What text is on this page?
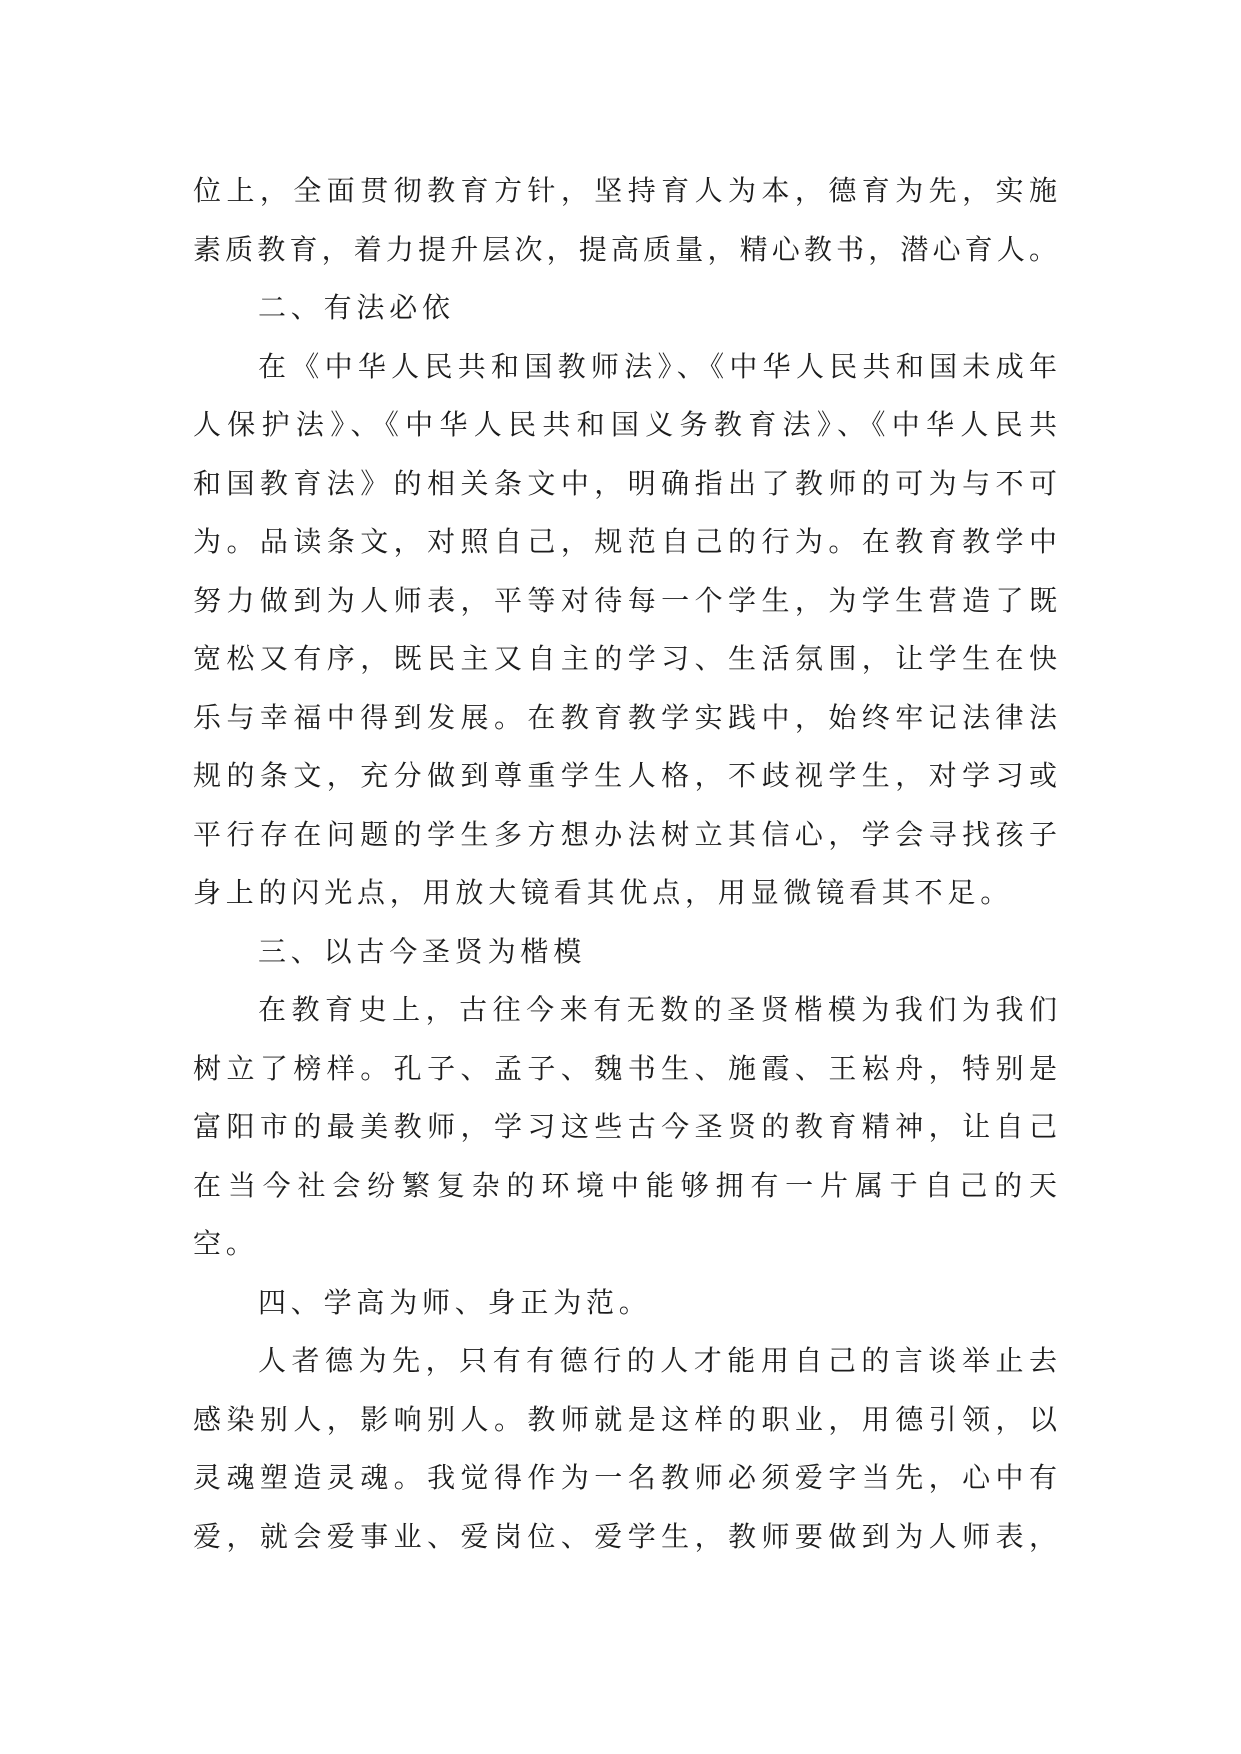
位上，全面贯彻教育方针，坚持育人为本，德育为先，实施
素质教育，着力提升层次，提高质量，精心教书，潜心育人。
二、有法必依
在《中华人民共和国教师法》、《中华人民共和国未成年
人保护法》、《中华人民共和国义务教育法》、《中华人民共
和国教育法》的相关条文中，明确指出了教师的可为与不可
为。品读条文，对照自己，规范自己的行为。在教育教学中
努力做到为人师表，平等对待每一个学生，为学生营造了既
宽松又有序，既民主又自主的学习、生活氛围，让学生在快
乐与幸福中得到发展。在教育教学实践中，始终牢记法律法
规的条文，充分做到尊重学生人格，不歧视学生，对学习或
平行存在问题的学生多方想办法树立其信心，学会寻找孩子
身上的闪光点，用放大镜看其优点，用显微镜看其不足。
三、以古今圣贤为楷模
在教育史上，古往今来有无数的圣贤楷模为我们为我们
树立了榜样。孔子、孟子、魏书生、施霞、王崧舟，特别是
富阳市的最美教师，学习这些古今圣贤的教育精神，让自己
在当今社会纷繁复杂的环境中能够拥有一片属于自己的天
空。
四、学高为师、身正为范。
人者德为先，只有有德行的人才能用自己的言谈举止去
感染别人，影响别人。教师就是这样的职业，用德引领，以
灵魂塑造灵魂。我觉得作为一名教师必须爱字当先，心中有
爱，就会爱事业、爱岗位、爱学生，教师要做到为人师表，
